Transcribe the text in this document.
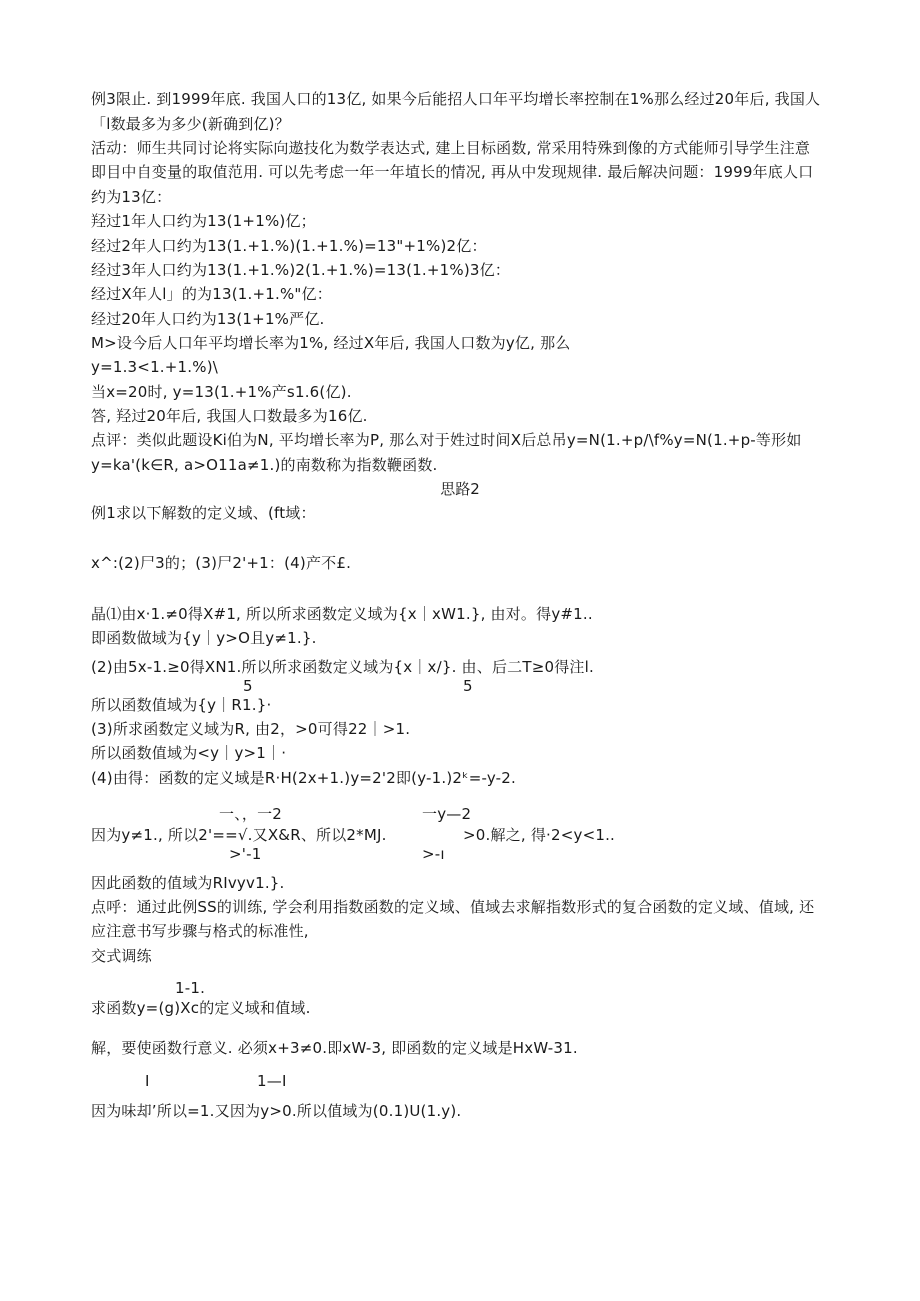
例3限止. 到1999年底. 我国人口的13亿, 如果今后能招人口年平均增长率控制在1%那么经过20年后, 我国人
「l数最多为多少(新确到亿)？
活动：师生共同讨论将实际向遨技化为数学表达式, 建上目标函数, 常采用特殊到像的方式能师引导学生注意
即目中自变量的取值范用. 可以先考虑一年一年埴长的情况, 再从中发现规律. 最后解决问题：1999年底人口
约为13亿：
羟过1年人口约为13(1+1%)亿；
经过2年人口约为13(1.+1.%)(1.+1.%)=13"+1%)2亿：
经过3年人口约为13(1.+1.%)2(1.+1.%)=13(1.+1%)3亿：
经过X年人l」的为13(1.+1.%"亿：
经过20年人口约为13(1+1%严亿.
M>设今后人口年平均增长率为1%, 经过X年后, 我国人口数为y亿, 那么
y=1.3<1.+1.%)\
当x=20时, y=13(1.+1%产s1.6(亿).
答, 羟过20年后, 我国人口数最多为16亿.
点评：类似此题设Ki伯为N, 平均增长率为P, 那么对于姓过时间X后总吊y=N(1.+p/\f%y=N(1.+p-等形如
y=ka'(k∈R, a>O11a≠1.)的南数称为指数鞭函数.
思路2
例1求以下解数的定义域、(ft域：
x^:(2)尸3的；(3)尸2'+1：(4)产不£.
晶⑴由x·1.≠0得X#1, 所以所求函数定义域为{x｜xW1.}, 由对。得y#1..
即函数做域为{y｜y>O且y≠1.}.
(2)由5x-1.≥0得XN1.所以所求函数定义域为{x｜x∕}. 由、后二T≥0得注l.
5	5
所以函数值域为{y｜R1.}·
(3)所求函数定义域为R, 由2，>0可得22｜>1.
所以函数值域为<y｜y>1｜·
(4)由得：函数的定义域是R·H(2x+1.)y=2'2即(y-1.)2ᵏ=-y-2.
一、，一2	一y—2
因为y≠1., 所以2'==√.又X&R、所以2*MJ.	>0.解之, 得·2<y<1..
>'-1	>-ı
因此函数的值域为RIvyv1.}.
点呼：通过此例SS的训练, 学会利用指数函数的定义域、值域去求解指数形式的复合函数的定义域、值域, 还
应注意书写步骤与格式的标准性,
交式调练
1-1.
求函数y=(g)Xc的定义域和值域.
解，要使函数行意义. 必须x+3≠0.即xW-3, 即函数的定义域是HxW-31.
I	1—I
因为味却’所以=1.又因为y>0.所以值域为(0.1)U(1.y).
